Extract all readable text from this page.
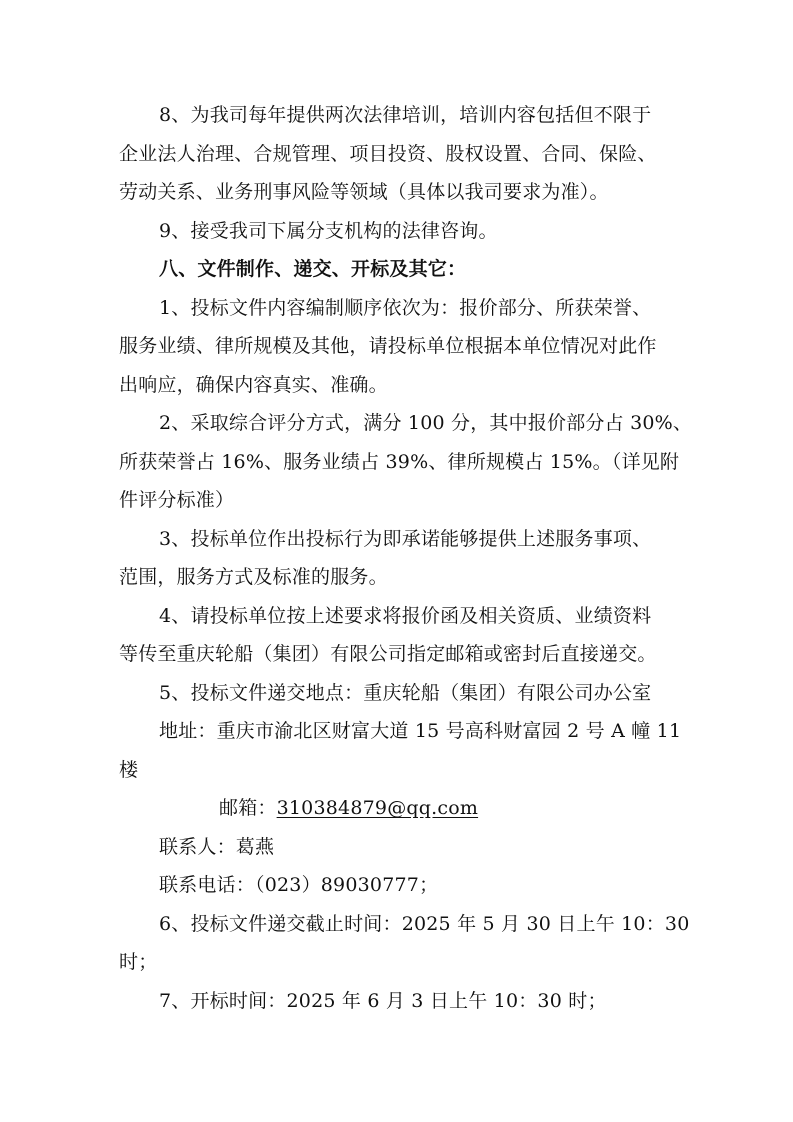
8、为我司每年提供两次法律培训，培训内容包括但不限于
企业法人治理、合规管理、项目投资、股权设置、合同、保险、
劳动关系、业务刑事风险等领域（具体以我司要求为准）。
9、接受我司下属分支机构的法律咨询。
八、文件制作、递交、开标及其它：
1、投标文件内容编制顺序依次为：报价部分、所获荣誉、
服务业绩、律所规模及其他，请投标单位根据本单位情况对此作
出响应，确保内容真实、准确。
2、采取综合评分方式，满分 100 分，其中报价部分占 30%、
所获荣誉占 16%、服务业绩占 39%、律所规模占 15%。（详见附
件评分标准）
3、投标单位作出投标行为即承诺能够提供上述服务事项、
范围，服务方式及标准的服务。
4、请投标单位按上述要求将报价函及相关资质、业绩资料
等传至重庆轮船（集团）有限公司指定邮箱或密封后直接递交。
5、投标文件递交地点：重庆轮船（集团）有限公司办公室
地址：重庆市渝北区财富大道 15 号高科财富园 2 号 A 幢 11
楼
邮箱：310384879@qq.com
联系人：葛燕
联系电话：（023）89030777；
6、投标文件递交截止时间：2025 年 5 月 30 日上午 10：30
时；
7、开标时间：2025 年 6 月 3 日上午 10：30 时；
